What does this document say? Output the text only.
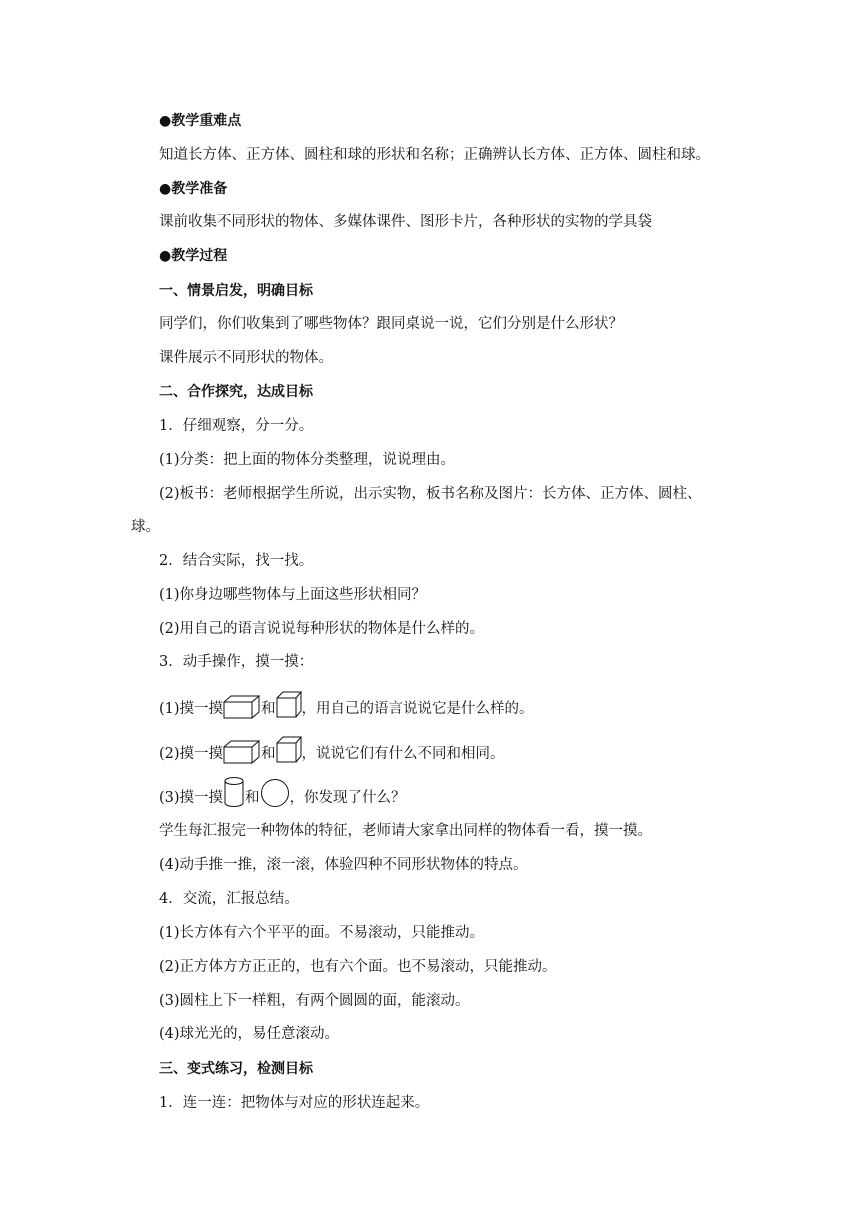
●教学重难点
知道长方体、正方体、圆柱和球的形状和名称；正确辨认长方体、正方体、圆柱和球。
●教学准备
课前收集不同形状的物体、多媒体课件、图形卡片，各种形状的实物的学具袋
●教学过程
一、情景启发，明确目标
同学们，你们收集到了哪些物体？跟同桌说一说，它们分别是什么形状？
课件展示不同形状的物体。
二、合作探究，达成目标
1．仔细观察，分一分。
(1)分类：把上面的物体分类整理，说说理由。
(2)板书：老师根据学生所说，出示实物，板书名称及图片：长方体、正方体、圆柱、
球。
2．结合实际，找一找。
(1)你身边哪些物体与上面这些形状相同？
(2)用自己的语言说说每种形状的物体是什么样的。
3．动手操作，摸一摸：
(1)摸一摸	和 ，用自己的语言说说它是什么样的。
(2)摸一摸	和 ，说说它们有什么不同和相同。
(3)摸一摸 和 ，你发现了什么？
学生每汇报完一种物体的特征，老师请大家拿出同样的物体看一看，摸一摸。
(4)动手推一推，滚一滚，体验四种不同形状物体的特点。
4．交流，汇报总结。
(1)长方体有六个平平的面。不易滚动，只能推动。
(2)正方体方方正正的，也有六个面。也不易滚动，只能推动。
(3)圆柱上下一样粗，有两个圆圆的面，能滚动。
(4)球光光的，易任意滚动。
三、变式练习，检测目标
1．连一连：把物体与对应的形状连起来。
